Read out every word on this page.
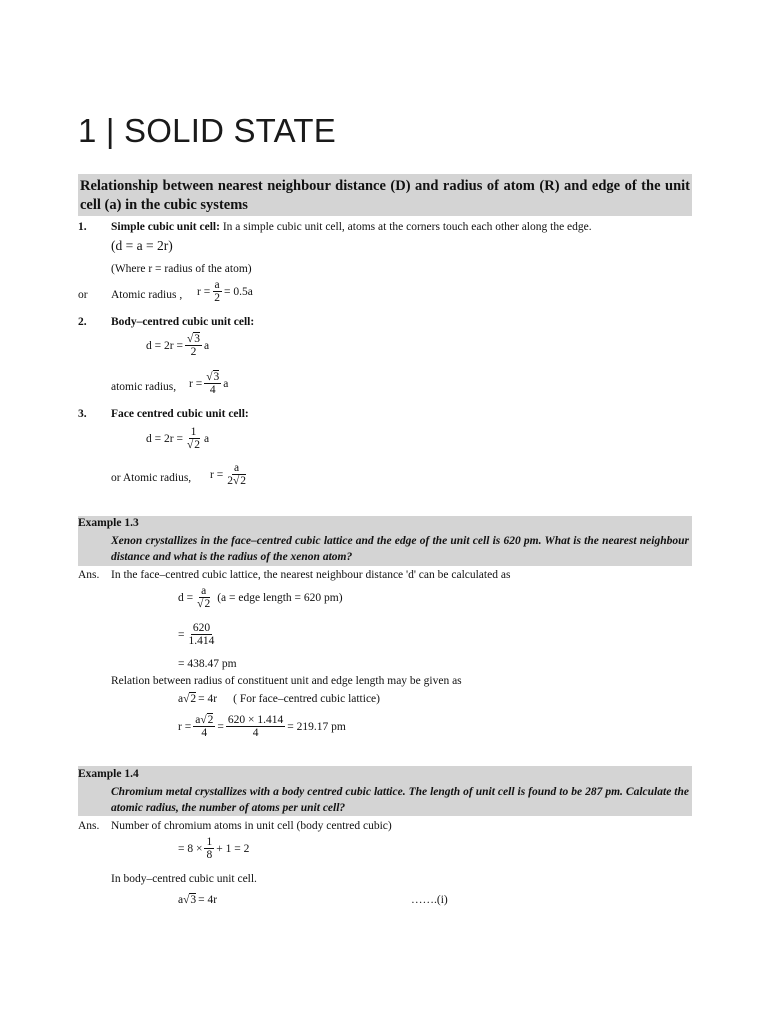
1 | SOLID STATE
Relationship between nearest neighbour distance (D) and radius of atom (R) and edge of the unit cell (a) in the cubic systems
1. Simple cubic unit cell: In a simple cubic unit cell, atoms at the corners touch each other along the edge.
(d = a = 2r)
(Where r = radius of the atom)
or Atomic radius , $r = \frac{a}{2} = 0.5a$
2. Body–centred cubic unit cell:
$d = 2r = \frac{√3}{2}$ a
atomic radius, $r = \frac{√3}{4}$ a
3. Face centred cubic unit cell:
$d = 2r = \frac{1}{√2}$ a
or Atomic radius, $r = \frac{a}{2√2}$
Example 1.3
Xenon crystallizes in the face–centred cubic lattice and the edge of the unit cell is 620 pm. What is the nearest neighbour distance and what is the radius of the xenon atom?
Ans. In the face–centred cubic lattice, the nearest neighbour distance 'd' can be calculated as
$d = \frac{a}{√2} (a$ = edge length = 620 pm)
= $\frac{620}{1.414}$
= 438.47 pm
Relation between radius of constituent unit and edge length may be given as
a √ 2 = 4r ( For face–centred cubic lattice)
$r = \frac{a√2}{4} = \frac{620 \times 1.414}{4} = 219.17$ pm
Example 1.4
Chromium metal crystallizes with a body centred cubic lattice. The length of unit cell is found to be 287 pm. Calculate the atomic radius, the number of atoms per unit cell?
Ans. Number of chromium atoms in unit cell (body centred cubic)
= $8 \times \frac{1}{8} + 1 = 2$
In body–centred cubic unit cell.
a √ 3 = 4r	…….(i)
